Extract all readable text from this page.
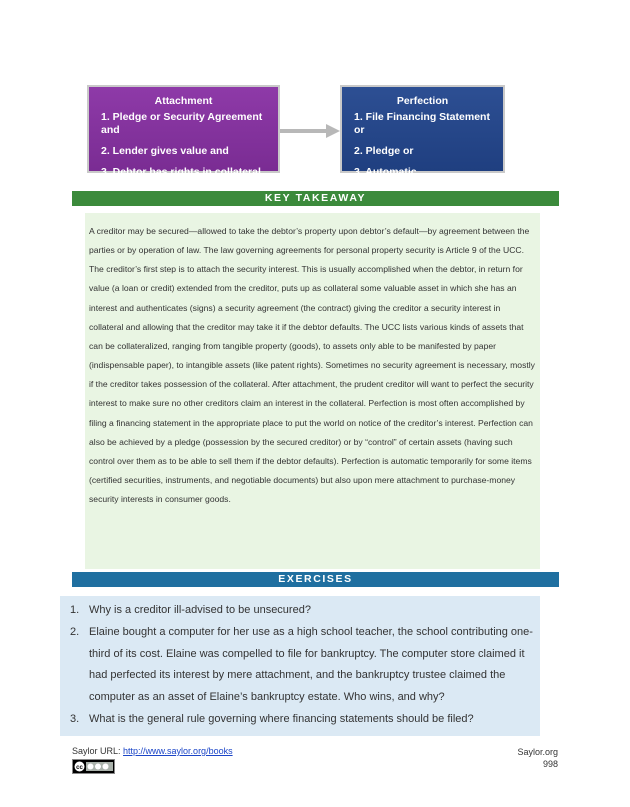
Attachment
1. Pledge or Security Agreement and
2. Lender gives value and
3. Debtor has rights in collateral
Perfection
1. File Financing Statement or
2. Pledge or
3. Automatic
KEY TAKEAWAY
A creditor may be secured—allowed to take the debtor’s property upon debtor’s default—by agreement between the parties or by operation of law. The law governing agreements for personal property security is Article 9 of the UCC. The creditor’s first step is to attach the security interest. This is usually accomplished when the debtor, in return for value (a loan or credit) extended from the creditor, puts up as collateral some valuable asset in which she has an interest and authenticates (signs) a security agreement (the contract) giving the creditor a security interest in collateral and allowing that the creditor may take it if the debtor defaults. The UCC lists various kinds of assets that can be collateralized, ranging from tangible property (goods), to assets only able to be manifested by paper (indispensable paper), to intangible assets (like patent rights). Sometimes no security agreement is necessary, mostly if the creditor takes possession of the collateral. After attachment, the prudent creditor will want to perfect the security interest to make sure no other creditors claim an interest in the collateral. Perfection is most often accomplished by filing a financing statement in the appropriate place to put the world on notice of the creditor’s interest. Perfection can also be achieved by a pledge (possession by the secured creditor) or by “control” of certain assets (having such control over them as to be able to sell them if the debtor defaults). Perfection is automatic temporarily for some items (certified securities, instruments, and negotiable documents) but also upon mere attachment to purchase-money security interests in consumer goods.
EXERCISES
1. Why is a creditor ill-advised to be unsecured?
2. Elaine bought a computer for her use as a high school teacher, the school contributing one-third of its cost. Elaine was compelled to file for bankruptcy. The computer store claimed it had perfected its interest by mere attachment, and the bankruptcy trustee claimed the computer as an asset of Elaine’s bankruptcy estate. Who wins, and why?
3. What is the general rule governing where financing statements should be filed?
Saylor URL: http://www.saylor.org/books
cc
Saylor.org
998
